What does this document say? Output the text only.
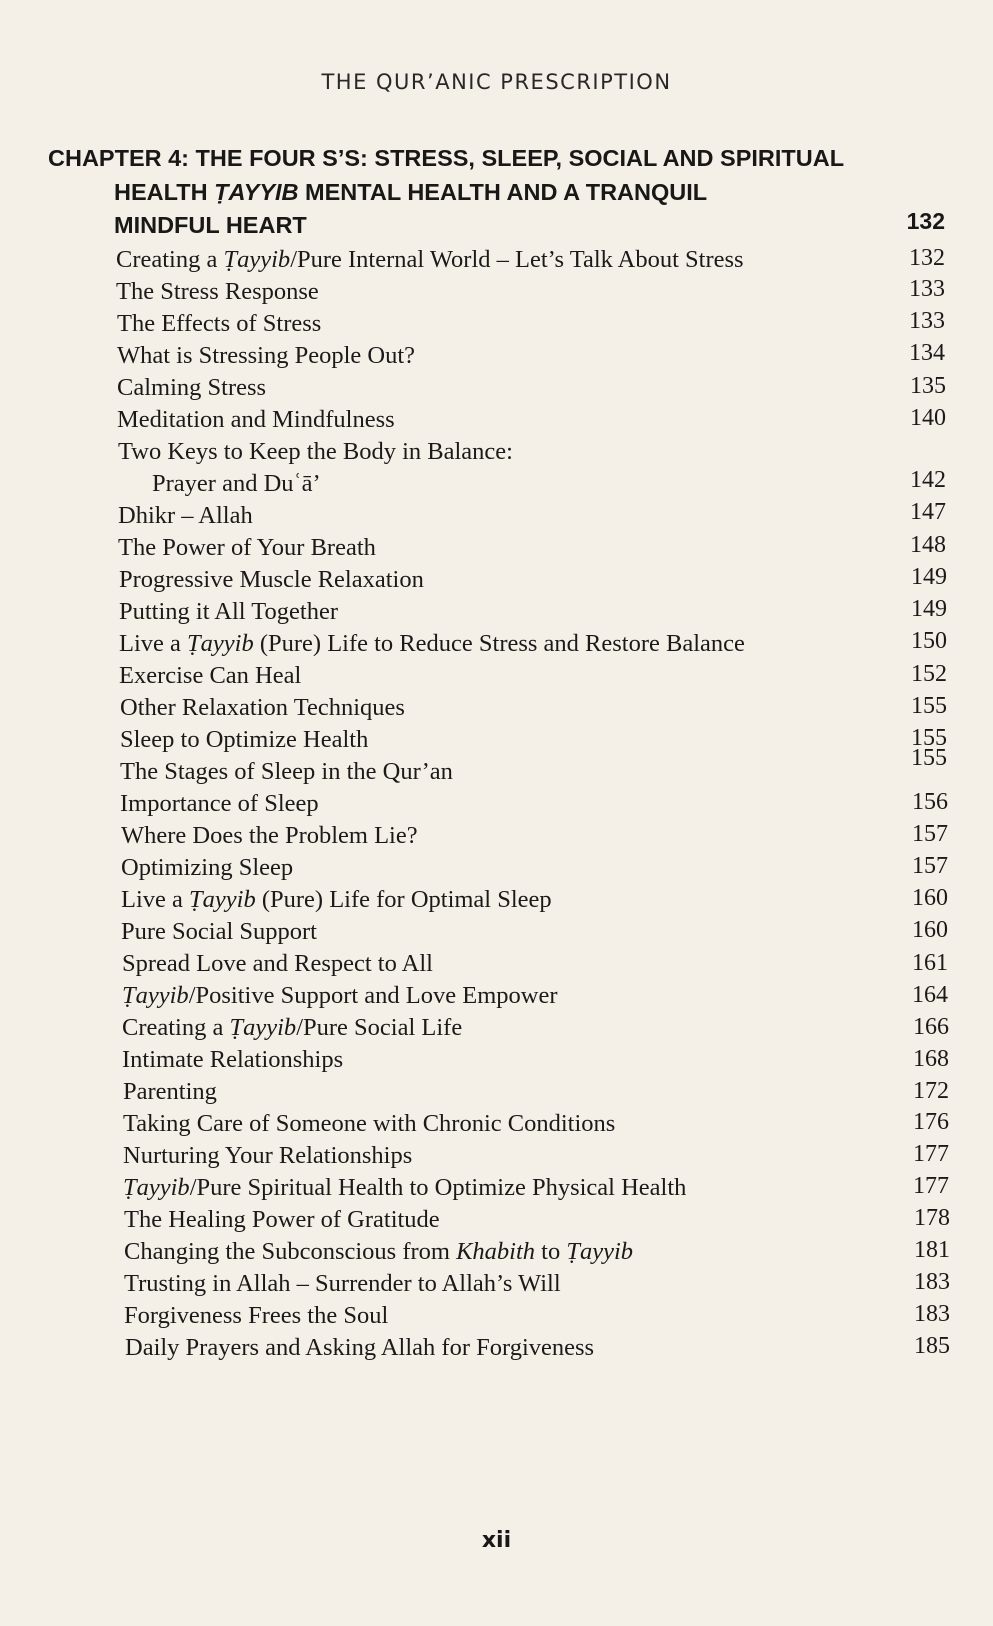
THE QUR’ANIC PRESCRIPTION
CHAPTER 4: THE FOUR S’S: STRESS, SLEEP, SOCIAL AND SPIRITUAL
HEALTH ṬAYYIB MENTAL HEALTH AND A TRANQUIL
MINDFUL HEART	132
Creating a Ṭayyib/Pure Internal World – Let’s Talk About Stress	132
The Stress Response	133
The Effects of Stress	133
What is Stressing People Out?	134
Calming Stress	135
Meditation and Mindfulness	140
Two Keys to Keep the Body in Balance:
Prayer and Duʿā’	142
Dhikr – Allah	147
The Power of Your Breath	148
Progressive Muscle Relaxation	149
Putting it All Together	149
Live a Ṭayyib (Pure) Life to Reduce Stress and Restore Balance	150
Exercise Can Heal	152
Other Relaxation Techniques	155
Sleep to Optimize Health	155
The Stages of Sleep in the Qur’an	155
Importance of Sleep	156
Where Does the Problem Lie?	157
Optimizing Sleep	157
Live a Ṭayyib (Pure) Life for Optimal Sleep	160
Pure Social Support	160
Spread Love and Respect to All	161
Ṭayyib/Positive Support and Love Empower	164
Creating a Ṭayyib/Pure Social Life	166
Intimate Relationships	168
Parenting	172
Taking Care of Someone with Chronic Conditions	176
Nurturing Your Relationships	177
Ṭayyib/Pure Spiritual Health to Optimize Physical Health	177
The Healing Power of Gratitude	178
Changing the Subconscious from Khabith to Ṭayyib	181
Trusting in Allah – Surrender to Allah’s Will	183
Forgiveness Frees the Soul	183
Daily Prayers and Asking Allah for Forgiveness	185
xii
